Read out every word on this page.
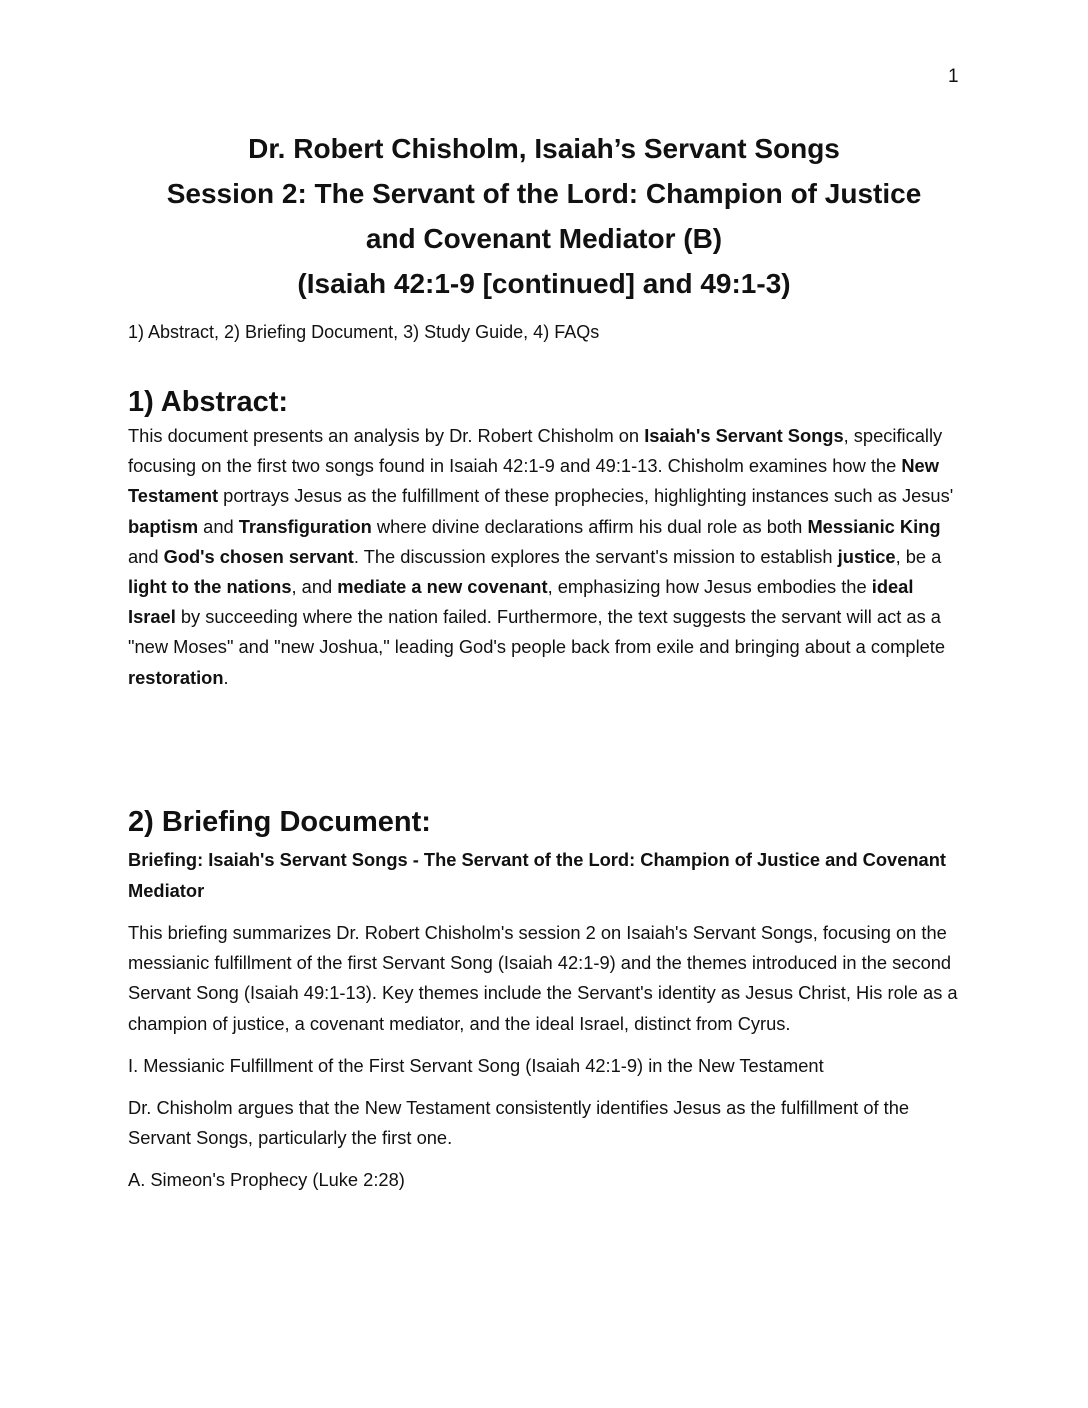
1
Dr. Robert Chisholm, Isaiah’s Servant Songs
Session 2: The Servant of the Lord: Champion of Justice
and Covenant Mediator (B)
(Isaiah 42:1-9 [continued] and 49:1-3)
1) Abstract, 2) Briefing Document, 3) Study Guide, 4) FAQs
1) Abstract:

This document presents an analysis by Dr. Robert Chisholm on Isaiah's Servant Songs, specifically focusing on the first two songs found in Isaiah 42:1-9 and 49:1-13. Chisholm examines how the New Testament portrays Jesus as the fulfillment of these prophecies, highlighting instances such as Jesus' baptism and Transfiguration where divine declarations affirm his dual role as both Messianic King and God's chosen servant. The discussion explores the servant's mission to establish justice, be a light to the nations, and mediate a new covenant, emphasizing how Jesus embodies the ideal Israel by succeeding where the nation failed. Furthermore, the text suggests the servant will act as a "new Moses" and "new Joshua," leading God's people back from exile and bringing about a complete restoration.

2) Briefing Document:

Briefing: Isaiah's Servant Songs - The Servant of the Lord: Champion of Justice and Covenant Mediator

This briefing summarizes Dr. Robert Chisholm's session 2 on Isaiah's Servant Songs, focusing on the messianic fulfillment of the first Servant Song (Isaiah 42:1-9) and the themes introduced in the second Servant Song (Isaiah 49:1-13). Key themes include the Servant's identity as Jesus Christ, His role as a champion of justice, a covenant mediator, and the ideal Israel, distinct from Cyrus.

I. Messianic Fulfillment of the First Servant Song (Isaiah 42:1-9) in the New Testament

Dr. Chisholm argues that the New Testament consistently identifies Jesus as the fulfillment of the Servant Songs, particularly the first one.

A. Simeon's Prophecy (Luke 2:28)
